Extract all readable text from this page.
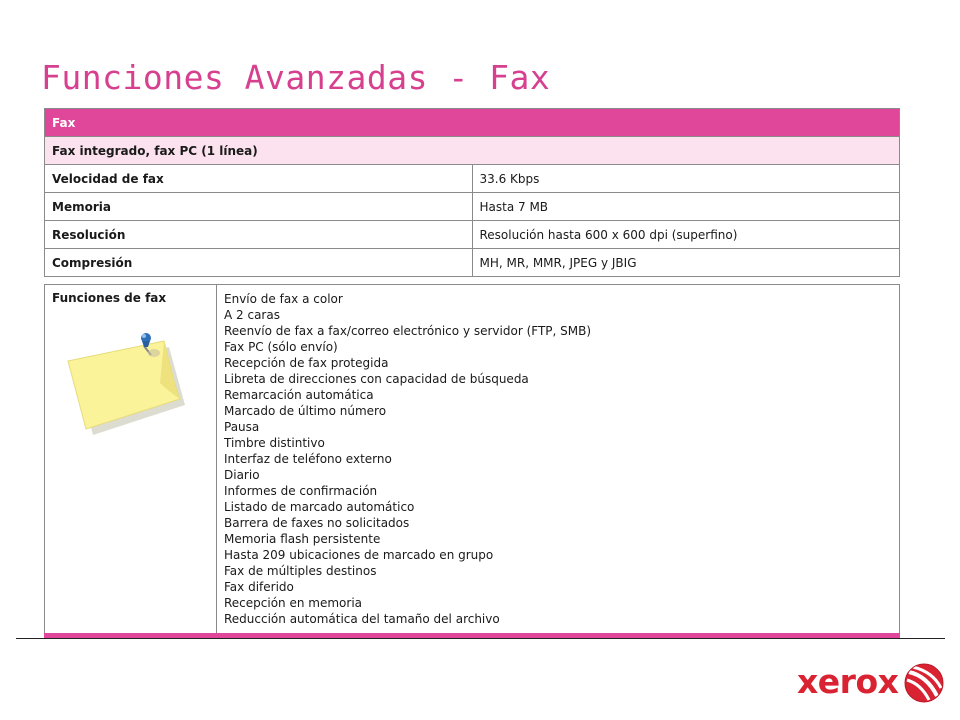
Funciones Avanzadas - Fax
Fax	
Fax integrado, fax PC (1 línea)	
Velocidad de fax	33.6 Kbps
Memoria	Hasta 7 MB
Resolución	Resolución hasta 600 x 600 dpi (superfino)
Compresión	MH, MR, MMR, JPEG y JBIG
Funciones de fax	Envío de fax a color
A 2 caras
Reenvío de fax a fax/correo electrónico y servidor (FTP, SMB)
Fax PC (sólo envío)
Recepción de fax protegida
Libreta de direcciones con capacidad de búsqueda
Remarcación automática
Marcado de último número
Pausa
Timbre distintivo
Interfaz de teléfono externo
Diario
Informes de confirmación
Listado de marcado automático
Barrera de faxes no solicitados
Memoria flash persistente
Hasta 209 ubicaciones de marcado en grupo
Fax de múltiples destinos
Fax diferido
Recepción en memoria
Reducción automática del tamaño del archivo
xerox
